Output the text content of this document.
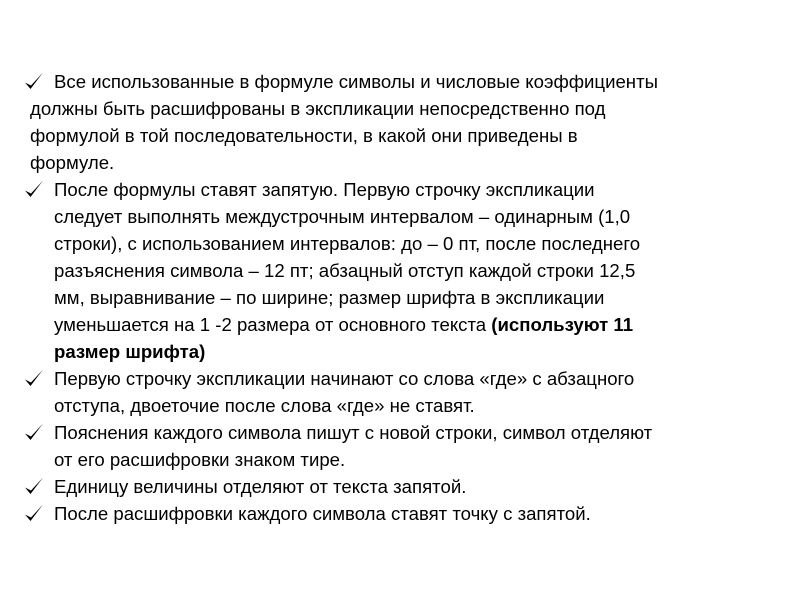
Все использованные в формуле символы и числовые коэффициенты
должны быть расшифрованы в экспликации непосредственно под
формулой в той последовательности, в какой они приведены в
формуле.
После формулы ставят запятую. Первую строчку экспликации
следует выполнять междустрочным интервалом – одинарным (1,0
строки), с использованием интервалов: до – 0 пт, после последнего
разъяснения символа – 12 пт; абзацный отступ каждой строки 12,5
мм, выравнивание – по ширине; размер шрифта в экспликации
уменьшается на 1 -2 размера от основного текста (используют 11
размер шрифта)
Первую строчку экспликации начинают со слова «где» с абзацного
отступа, двоеточие после слова «где» не ставят.
Пояснения каждого символа пишут с новой строки, символ отделяют
от его расшифровки знаком тире.
Единицу величины отделяют от текста запятой.
После расшифровки каждого символа ставят точку с запятой.
